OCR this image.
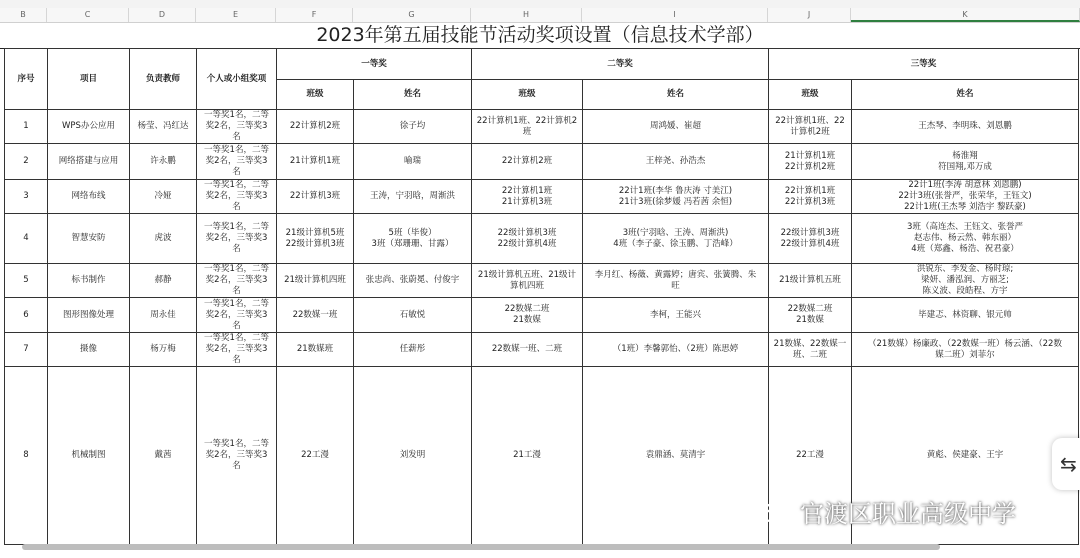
B	C	D	E	F	G	H	I	J	K
2023年第五届技能节活动奖项设置（信息技术学部）
序号	项目	负责教师	个人或小组奖项	一等奖		二等奖		三等奖	
				班级	姓名	班级	姓名	班级	姓名
1	WPS办公应用	杨莹、冯红达	一等奖1名，二等
奖2名，三等奖3
名	22计算机2班	徐子均	22计算机1班、22计算机2
班	周鸿媛、崔超	22计算机1班、22
计算机2班	王杰琴、李明珠、刘恩鹏
2	网络搭建与应用	许永鹏	一等奖1名，二等
奖2名，三等奖3
名	21计算机1班	喻瑞	22计算机2班	王梓尧、孙浩杰	21计算机1班
22计算机2班	杨淮翔
符国翔,邓万成
3	网络布线	冷娅	一等奖1名，二等
奖2名，三等奖3
名	22计算机3班	王涛，宁羽晗，周渐洪	22计算机1班
21计算机3班	22计1班(李华 鲁庆涛 寸美江)
21计3班(徐梦媛 冯若茜 余恒)	22计算机1班
22计算机3班	22计1班(李涛 胡意林 刘恩鹏)
22计3班(张誉严，张荣华，王钰文)
22计1班(王杰琴 刘浩宇 黎跃豪)
4	智慧安防	虎波	一等奖1名，二等
奖2名，三等奖3
名	21级计算机5班
22级计算机3班	5班（毕俊）
3班（郑珊珊、甘露）	22级计算机3班
22级计算机4班	3班(宁羽晗、王涛、周渐洪)
4班（李子豪、徐玉鹏、丁浩峰）	22级计算机3班
22级计算机4班	3班（高连杰、王钰文、张誉严
赵志伟、杨云然、韩东丽）
4班（郑鑫、杨浩、祝君豪）
5	标书制作	郝静	一等奖1名，二等
奖2名，三等奖3
名	21级计算机四班	张忠尚、张蔚冕、付俊宇	21级计算机五班、21级计
算机四班	李月红、杨薇、黄露婷；唐宾、张簧腾、朱
旺	21级计算机五班	洪锐东、李发金、杨时琼;
梁妍、潘泓润、方丽芝;
陈义波、段皓程、方宇
6	图形图像处理	周永佳	一等奖1名，二等
奖2名，三等奖3
名	22数媒一班	石敏悦	22数媒二班
21数媒	李柯，王能兴	22数媒二班
21数媒	毕建忑、林资聊、银元帅
7	摄像	杨万梅	一等奖1名，二等
奖2名，三等奖3
名	21数媒班	任薪彤	22数媒一班、二班	（1班）李馨郭怡、（2班）陈思婷	21数媒、22数媒一
班、二班	（21数媒）杨廉政、（22数媒一班）杨云涵、（22数
媒二班）刘菲尔
8	机械制图	戴茜	一等奖1名，二等
奖2名，三等奖3
名	22工漫	刘发明	21工漫	袁鼎涵、莫清宇	22工漫	黄彪、侯建豪、王宇	⇆
官渡区职业高级中学
